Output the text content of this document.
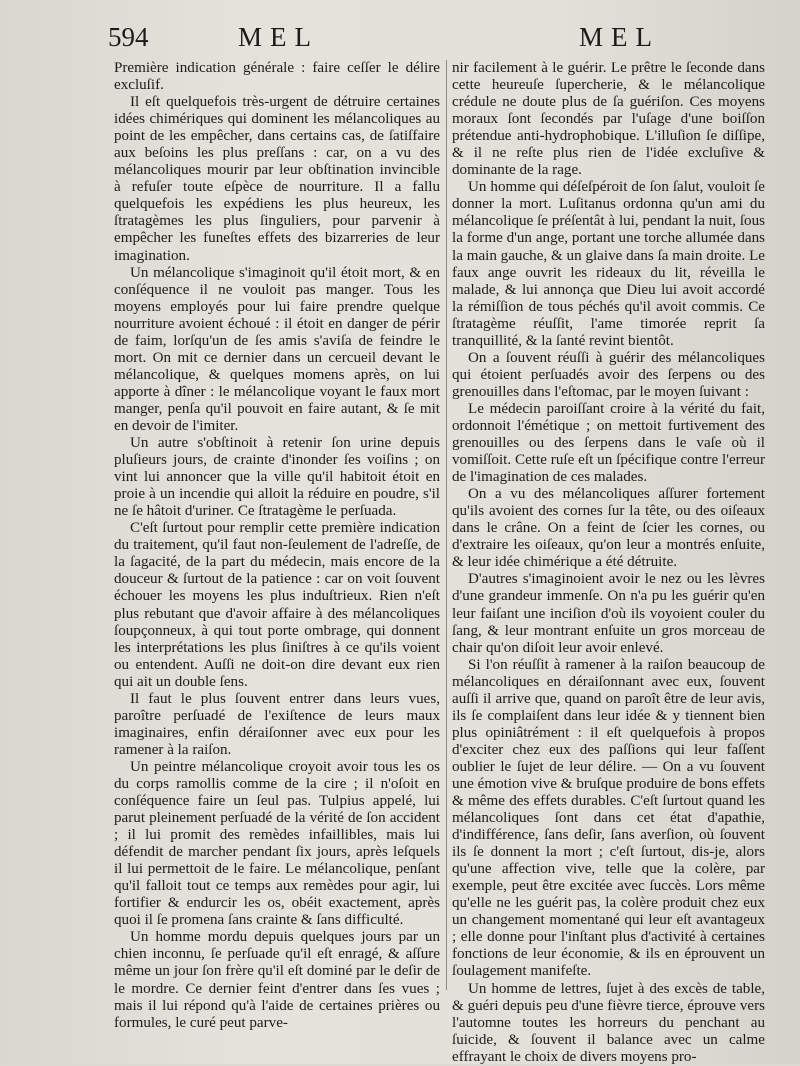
594	MEL	MEL

Première indication générale : faire ceſſer le délire excluſif.

Il eſt quelquefois très-urgent de détruire certaines idées chimériques qui dominent les mélancoliques au point de les empêcher, dans certains cas, de ſatiſfaire aux beſoins les plus preſſans : car, on a vu des mélancoliques mourir par leur obſtination invincible à refuſer toute eſpèce de nourriture. Il a fallu quelquefois les expédiens les plus heureux, les ſtratagèmes les plus ſinguliers, pour parvenir à empêcher les funeſtes effets des bizarreries de leur imagination.

Un mélancolique s'imaginoit qu'il étoit mort, & en conſéquence il ne vouloit pas manger. Tous les moyens employés pour lui faire prendre quelque nourriture avoient échoué : il étoit en danger de périr de faim, lorſqu'un de ſes amis s'aviſa de feindre le mort. On mit ce dernier dans un cercueil devant le mélancolique, & quelques momens après, on lui apporte à dîner : le mélancolique voyant le faux mort manger, penſa qu'il pouvoit en faire autant, & ſe mit en devoir de l'imiter.

Un autre s'obſtinoit à retenir ſon urine depuis pluſieurs jours, de crainte d'inonder ſes voiſins ; on vint lui annoncer que la ville qu'il habitoit étoit en proie à un incendie qui alloit la réduire en poudre, s'il ne ſe hâtoit d'uriner. Ce ſtratagème le perſuada.

C'eſt ſurtout pour remplir cette première indication du traitement, qu'il faut non-ſeulement de l'adreſſe, de la ſagacité, de la part du médecin, mais encore de la douceur & ſurtout de la patience : car on voit ſouvent échouer les moyens les plus induſtrieux. Rien n'eſt plus rebutant que d'avoir affaire à des mélancoliques ſoupçonneux, à qui tout porte ombrage, qui donnent les interprétations les plus ſiniſtres à ce qu'ils voient ou entendent. Auſſi ne doit-on dire devant eux rien qui ait un double ſens.

Il faut le plus ſouvent entrer dans leurs vues, paroître perſuadé de l'exiſtence de leurs maux imaginaires, enfin déraiſonner avec eux pour les ramener à la raiſon.

Un peintre mélancolique croyoit avoir tous les os du corps ramollis comme de la cire ; il n'oſoit en conſéquence faire un ſeul pas. Tulpius appelé, lui parut pleinement perſuadé de la vérité de ſon accident ; il lui promit des remèdes infaillibles, mais lui défendit de marcher pendant ſix jours, après leſquels il lui permettoit de le faire. Le mélancolique, penſant qu'il falloit tout ce temps aux remèdes pour agir, lui fortifier & endurcir les os, obéit exactement, après quoi il ſe promena ſans crainte & ſans difficulté.

Un homme mordu depuis quelques jours par un chien inconnu, ſe perſuade qu'il eſt enragé, & aſſure même un jour ſon frère qu'il eſt dominé par le deſir de le mordre. Ce dernier feint d'entrer dans ſes vues ; mais il lui répond qu'à l'aide de certaines prières ou formules, le curé peut parve-

nir facilement à le guérir. Le prêtre le ſeconde dans cette heureuſe ſupercherie, & le mélancolique crédule ne doute plus de ſa guériſon. Ces moyens moraux ſont ſecondés par l'uſage d'une boiſſon prétendue anti-hydrophobique. L'illuſion ſe diſſipe, & il ne reſte plus rien de l'idée excluſive & dominante de la rage.

Un homme qui déſeſpéroit de ſon ſalut, vouloit ſe donner la mort. Luſitanus ordonna qu'un ami du mélancolique ſe préſentât à lui, pendant la nuit, ſous la forme d'un ange, portant une torche allumée dans la main gauche, & un glaive dans ſa main droite. Le faux ange ouvrit les rideaux du lit, réveilla le malade, & lui annonça que Dieu lui avoit accordé la rémiſſion de tous péchés qu'il avoit commis. Ce ſtratagème réuſſit, l'ame timorée reprit ſa tranquillité, & la ſanté revint bientôt.

On a ſouvent réuſſi à guérir des mélancoliques qui étoient perſuadés avoir des ſerpens ou des grenouilles dans l'eſtomac, par le moyen ſuivant :

Le médecin paroiſſant croire à la vérité du fait, ordonnoit l'émétique ; on mettoit furtivement des grenouilles ou des ſerpens dans le vaſe où il vomiſſoit. Cette ruſe eſt un ſpécifique contre l'erreur de l'imagination de ces malades.

On a vu des mélancoliques aſſurer fortement qu'ils avoient des cornes ſur la tête, ou des oiſeaux dans le crâne. On a feint de ſcier les cornes, ou d'extraire les oiſeaux, qu'on leur a montrés enſuite, & leur idée chimérique a été détruite.

D'autres s'imaginoient avoir le nez ou les lèvres d'une grandeur immenſe. On n'a pu les guérir qu'en leur faiſant une inciſion d'où ils voyoient couler du ſang, & leur montrant enſuite un gros morceau de chair qu'on diſoit leur avoir enlevé.

Si l'on réuſſit à ramener à la raiſon beaucoup de mélancoliques en déraiſonnant avec eux, ſouvent auſſi il arrive que, quand on paroît être de leur avis, ils ſe complaiſent dans leur idée & y tiennent bien plus opiniâtrément : il eſt quelquefois à propos d'exciter chez eux des paſſions qui leur faſſent oublier le ſujet de leur délire. — On a vu ſouvent une émotion vive & bruſque produire de bons effets & même des effets durables. C'eſt ſurtout quand les mélancoliques ſont dans cet état d'apathie, d'indifférence, ſans deſir, ſans averſion, où ſouvent ils ſe donnent la mort ; c'eſt ſurtout, dis-je, alors qu'une affection vive, telle que la colère, par exemple, peut être excitée avec ſuccès. Lors même qu'elle ne les guérit pas, la colère produit chez eux un changement momentané qui leur eſt avantageux ; elle donne pour l'inſtant plus d'activité à certaines fonctions de leur économie, & ils en éprouvent un ſoulagement manifeſte.

Un homme de lettres, ſujet à des excès de table, & guéri depuis peu d'une fièvre tierce, éprouve vers l'automne toutes les horreurs du penchant au ſuicide, & ſouvent il balance avec un calme effrayant le choix de divers moyens pro-
